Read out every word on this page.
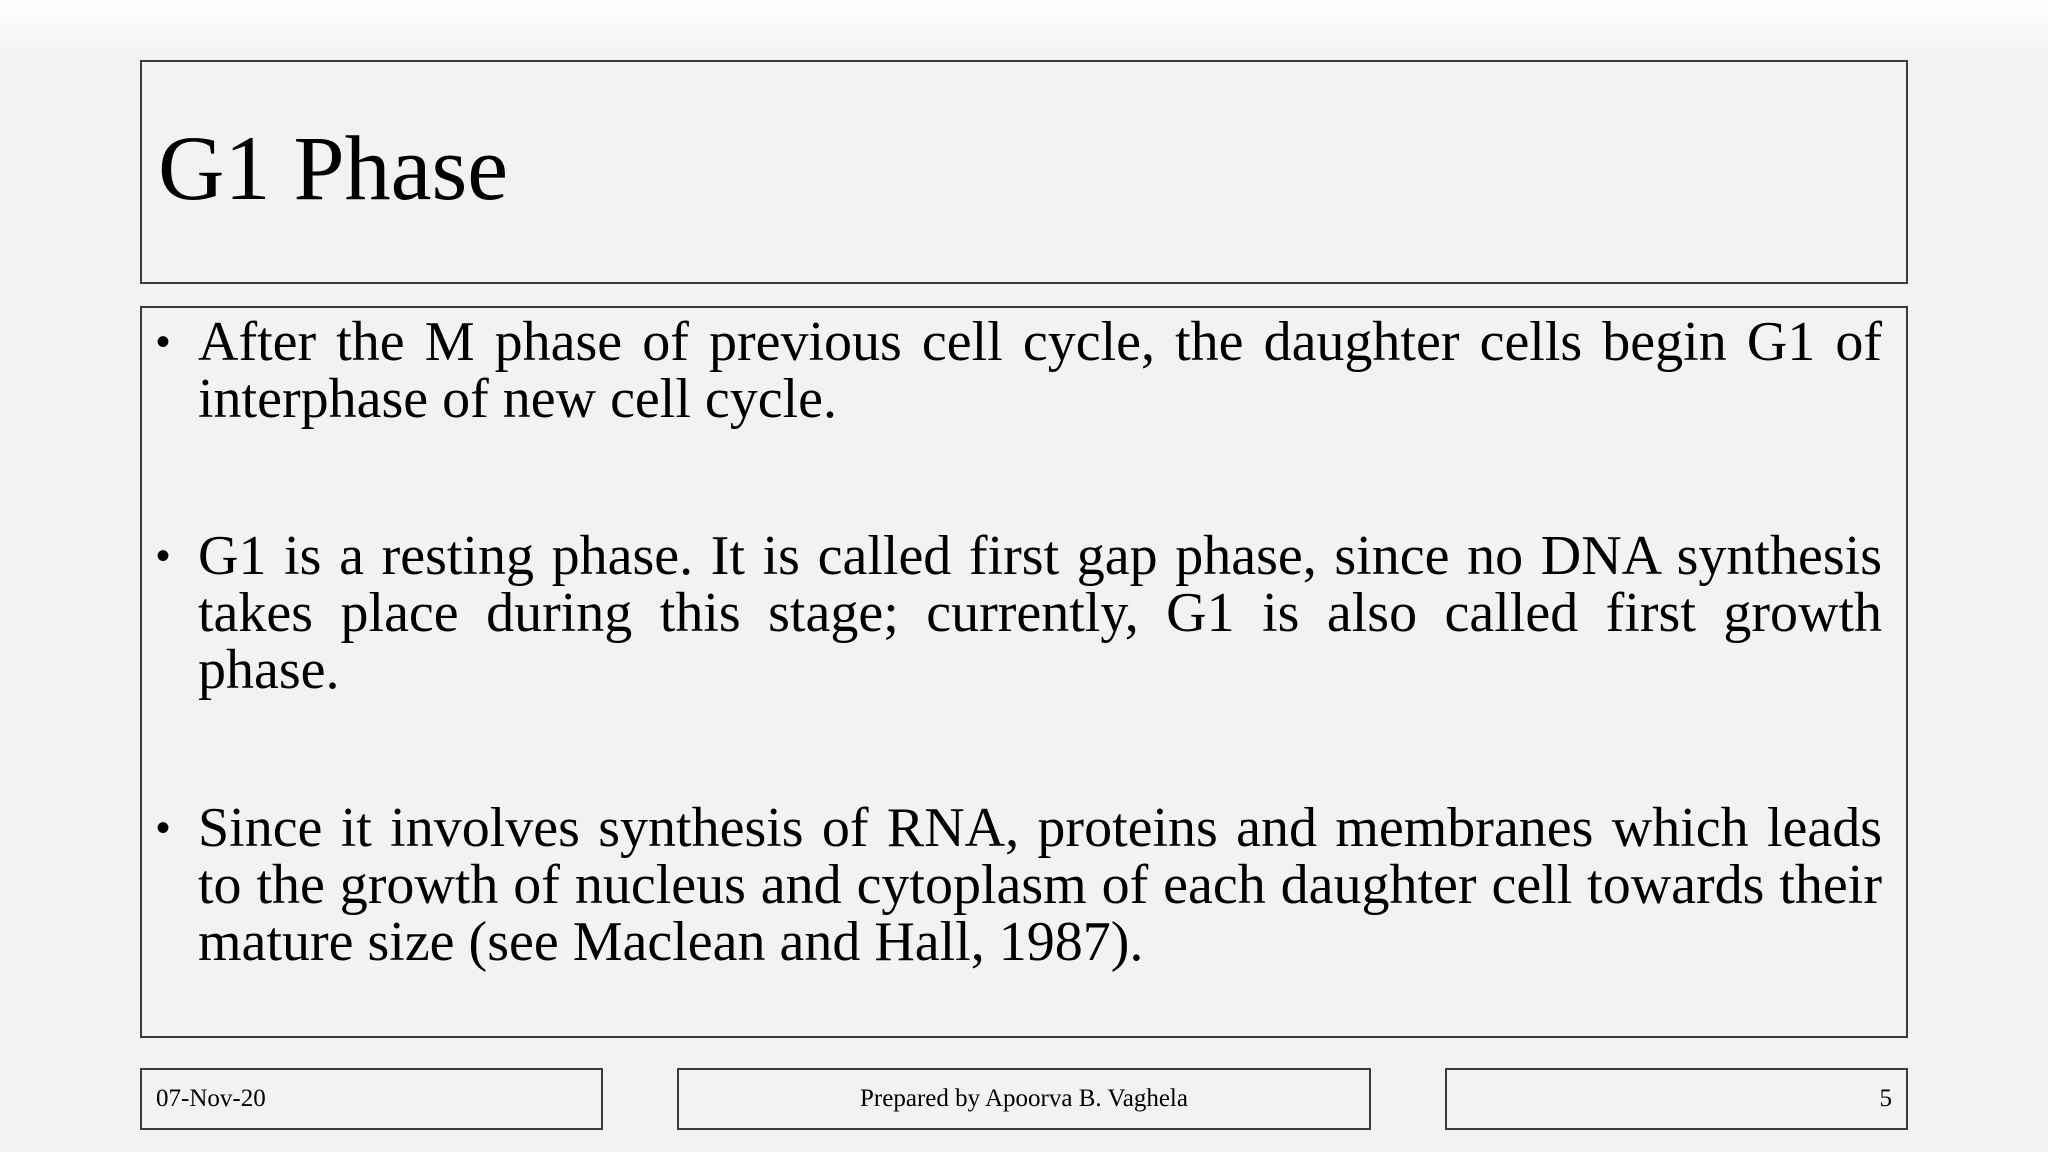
G1 Phase
• After the M phase of previous cell cycle, the daughter cells begin G1 of interphase of new cell cycle.
• G1 is a resting phase. It is called first gap phase, since no DNA synthesis takes place during this stage; currently, G1 is also called first growth phase.
• Since it involves synthesis of RNA, proteins and membranes which leads to the growth of nucleus and cytoplasm of each daughter cell towards their mature size (see Maclean and Hall, 1987).
07-Nov-20	Prepared by Apoorva B. Vaghela	5
